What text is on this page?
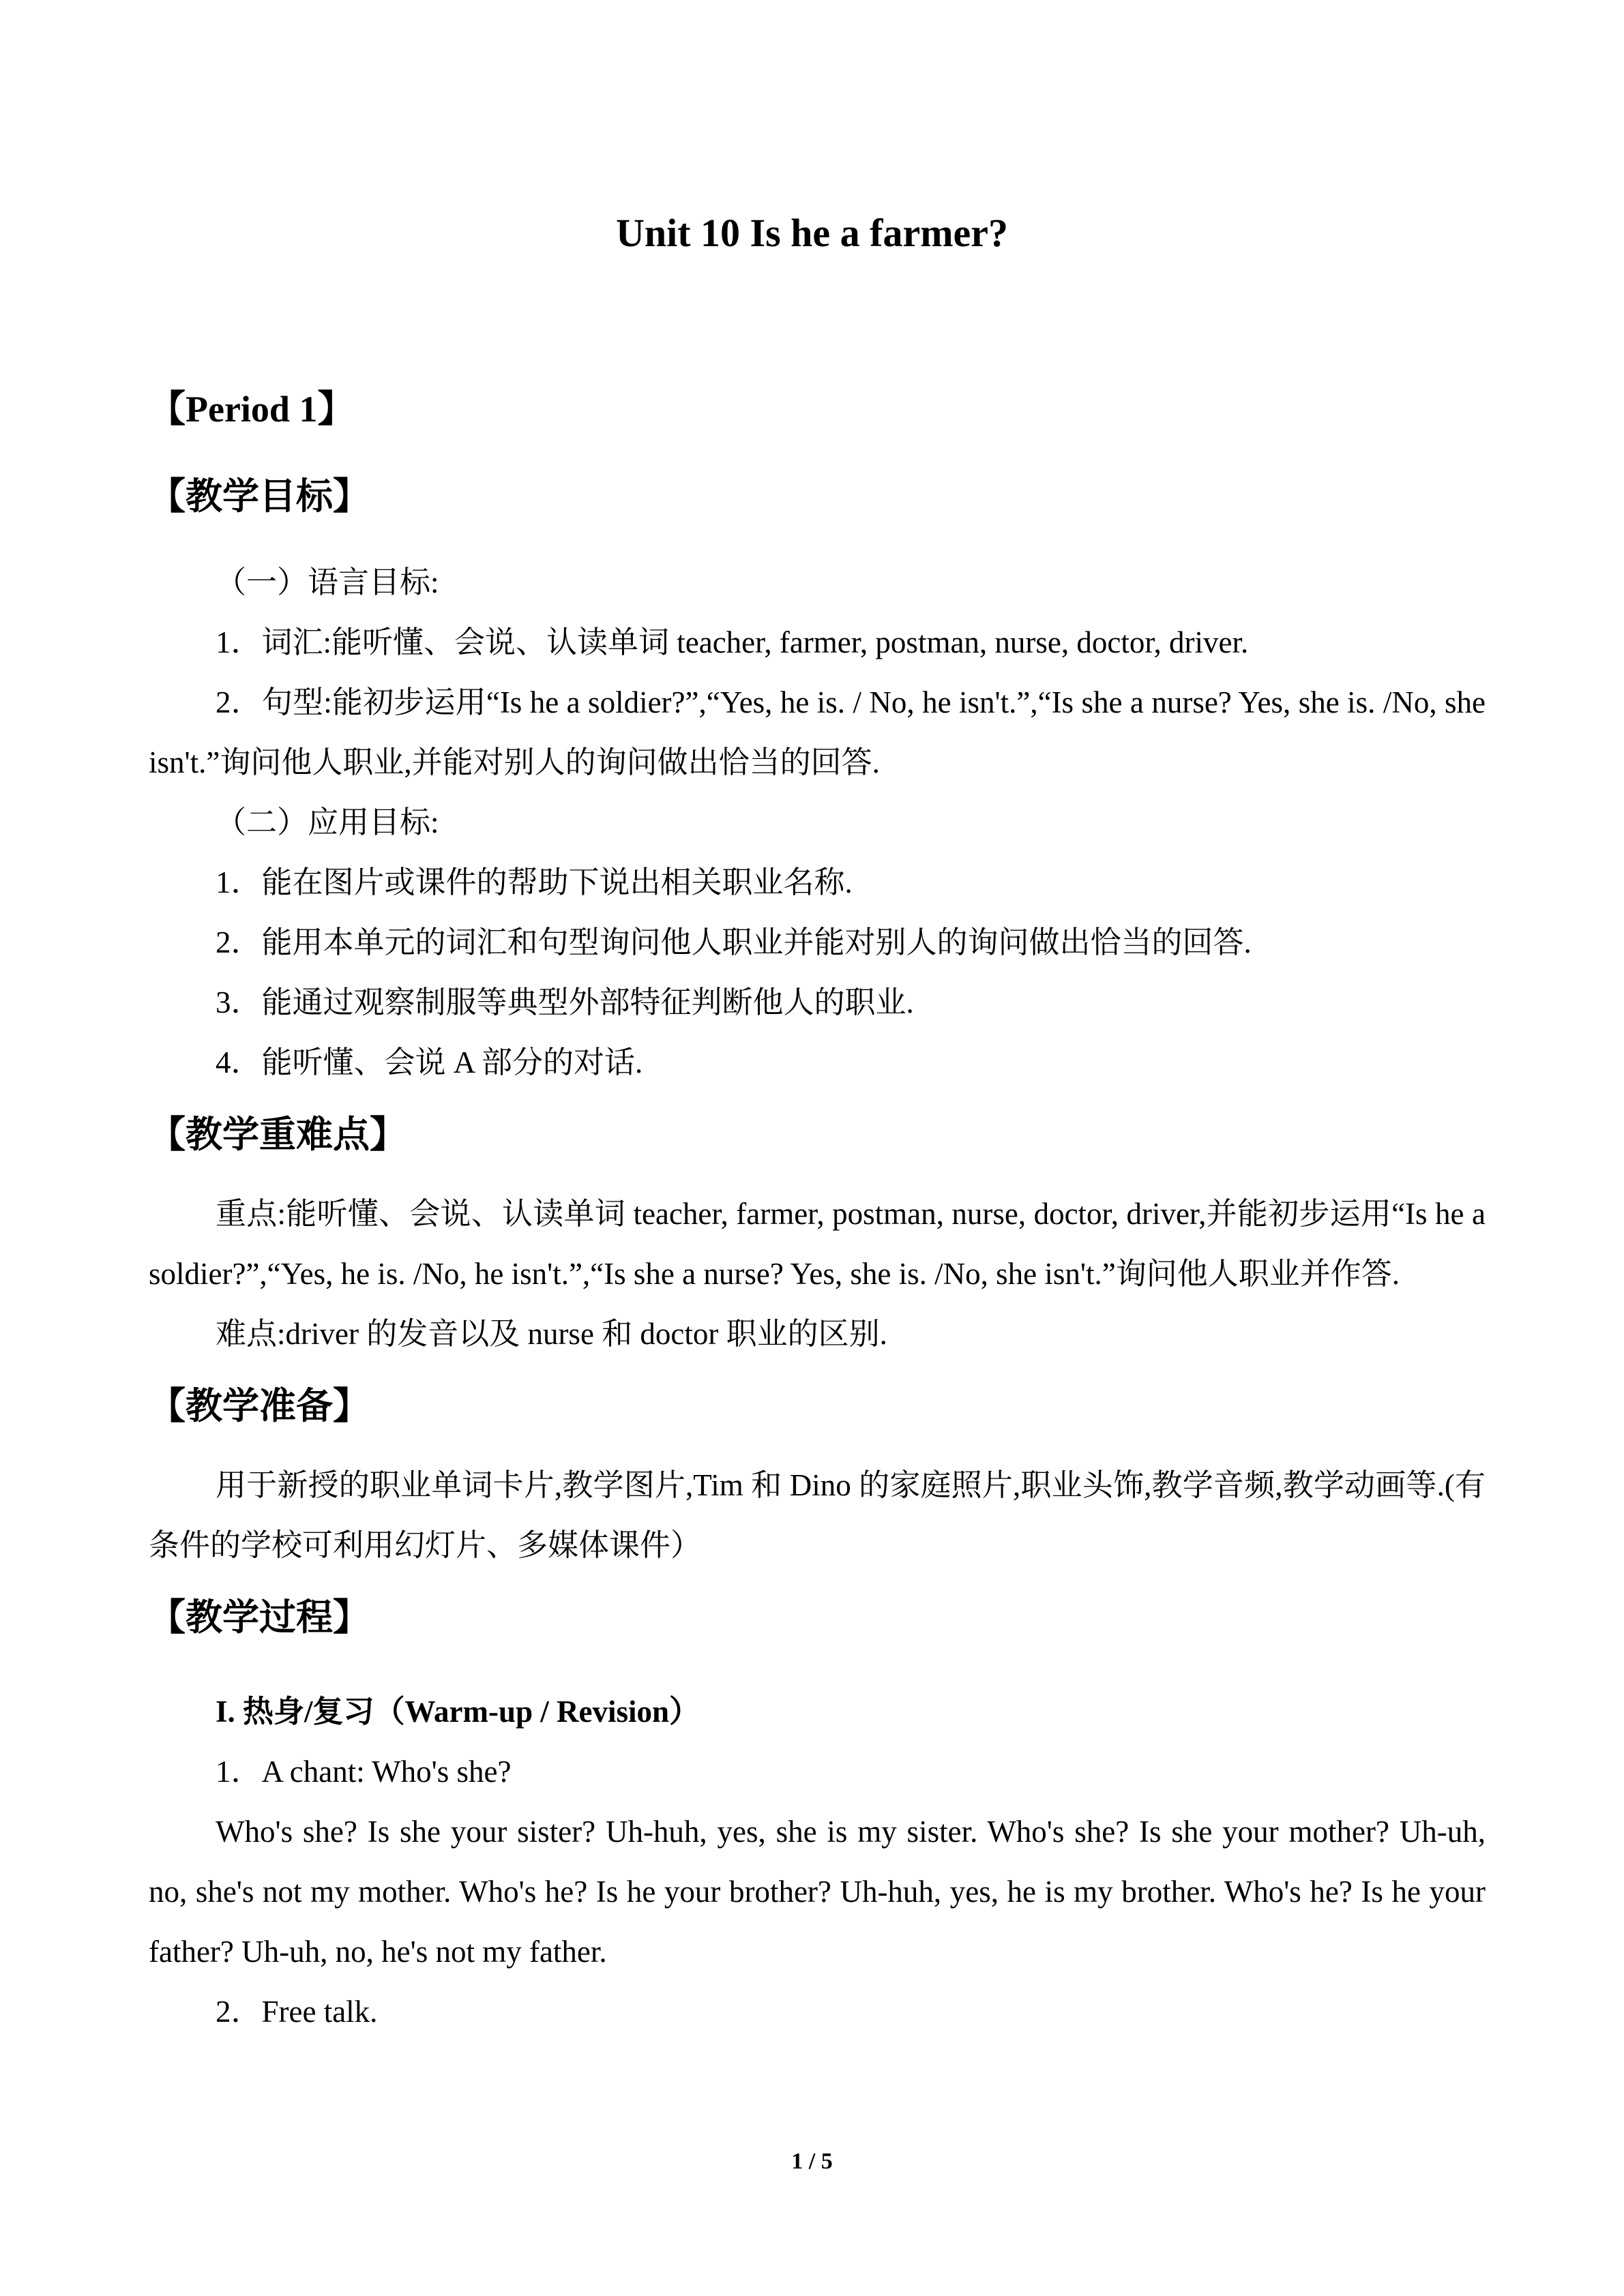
Unit 10 Is he a farmer?

【Period 1】

【教学目标】

（一）语言目标:

1．词汇:能听懂、会说、认读单词 teacher, farmer, postman, nurse, doctor, driver.

2．句型:能初步运用“Is he a soldier?”,“Yes, he is. / No, he isn't.”,“Is she a nurse? Yes, she is. /No, she isn't.”询问他人职业,并能对别人的询问做出恰当的回答.

（二）应用目标:

1．能在图片或课件的帮助下说出相关职业名称.

2．能用本单元的词汇和句型询问他人职业并能对别人的询问做出恰当的回答.

3．能通过观察制服等典型外部特征判断他人的职业.

4．能听懂、会说 A 部分的对话.

【教学重难点】

重点:能听懂、会说、认读单词 teacher, farmer, postman, nurse, doctor, driver,并能初步运用“Is he a soldier?”,“Yes, he is. /No, he isn't.”,“Is she a nurse? Yes, she is. /No, she isn't.”询问他人职业并作答.

难点:driver 的发音以及 nurse 和 doctor 职业的区别.

【教学准备】

用于新授的职业单词卡片,教学图片,Tim 和 Dino 的家庭照片,职业头饰,教学音频,教学动画等.(有条件的学校可利用幻灯片、多媒体课件）

【教学过程】

I. 热身/复习（Warm-up / Revision）

1．A chant: Who's she?

Who's she? Is she your sister? Uh-huh, yes, she is my sister. Who's she? Is she your mother? Uh-uh, no, she's not my mother. Who's he? Is he your brother? Uh-huh, yes, he is my brother. Who's he? Is he your father? Uh-uh, no, he's not my father.

2．Free talk.

1 / 5
